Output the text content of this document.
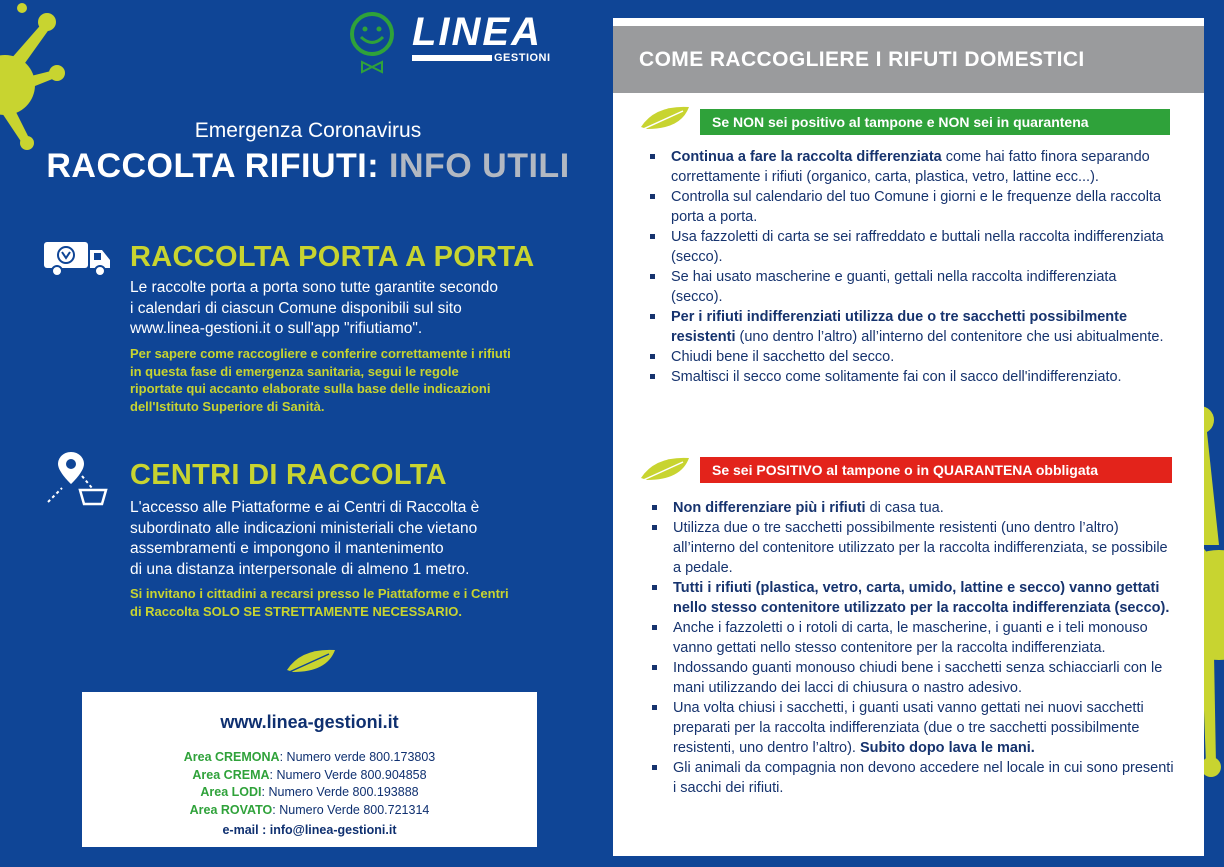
LINEA
GESTIONI
Emergenza Coronavirus
RACCOLTA RIFIUTI: INFO UTILI
RACCOLTA PORTA A PORTA
Le raccolte porta a porta sono tutte garantite secondo
i calendari di ciascun Comune disponibili sul sito
www.linea-gestioni.it o sull'app "rifiutiamo".
Per sapere come raccogliere e conferire correttamente i rifiuti
in questa fase di emergenza sanitaria, segui le regole
riportate qui accanto elaborate sulla base delle indicazioni
dell'Istituto Superiore di Sanità.
CENTRI DI RACCOLTA
L'accesso alle Piattaforme e ai Centri di Raccolta è
subordinato alle indicazioni ministeriali che vietano
assembramenti e impongono il mantenimento
di una distanza interpersonale di almeno 1 metro.
Si invitano i cittadini a recarsi presso le Piattaforme e i Centri
di Raccolta SOLO SE STRETTAMENTE NECESSARIO.
www.linea-gestioni.it
Area CREMONA: Numero verde 800.173803
Area CREMA: Numero Verde 800.904858
Area LODI: Numero Verde 800.193888
Area ROVATO: Numero Verde 800.721314
e-mail : info@linea-gestioni.it
COME RACCOGLIERE I RIFUTI DOMESTICI
Se NON sei positivo al tampone e NON sei in quarantena
Continua a fare la raccolta differenziata come hai fatto finora separando correttamente i rifiuti (organico, carta, plastica, vetro, lattine ecc...).
Controlla sul calendario del tuo Comune i giorni e le frequenze della raccolta porta a porta.
Usa fazzoletti di carta se sei raffreddato e buttali nella raccolta indifferenziata (secco).
Se hai usato mascherine e guanti, gettali nella raccolta indifferenziata (secco).
Per i rifiuti indifferenziati utilizza due o tre sacchetti possibilmente resistenti (uno dentro l’altro) all’interno del contenitore che usi abitualmente.
Chiudi bene il sacchetto del secco.
Smaltisci il secco come solitamente fai con il sacco dell'indifferenziato.
Se sei POSITIVO al tampone o in QUARANTENA obbligata
Non differenziare più i rifiuti di casa tua.
Utilizza due o tre sacchetti possibilmente resistenti (uno dentro l’altro) all’interno del contenitore utilizzato per la raccolta indifferenziata, se possibile a pedale.
Tutti i rifiuti (plastica, vetro, carta, umido, lattine e secco) vanno gettati nello stesso contenitore utilizzato per la raccolta indifferenziata (secco).
Anche i fazzoletti o i rotoli di carta, le mascherine, i guanti e i teli monouso vanno gettati nello stesso contenitore per la raccolta indifferenziata.
Indossando guanti monouso chiudi bene i sacchetti senza schiacciarli con le mani utilizzando dei lacci di chiusura o nastro adesivo.
Una volta chiusi i sacchetti, i guanti usati vanno gettati nei nuovi sacchetti preparati per la raccolta indifferenziata (due o tre sacchetti possibilmente resistenti, uno dentro l’altro). Subito dopo lava le mani.
Gli animali da compagnia non devono accedere nel locale in cui sono presenti i sacchi dei rifiuti.
